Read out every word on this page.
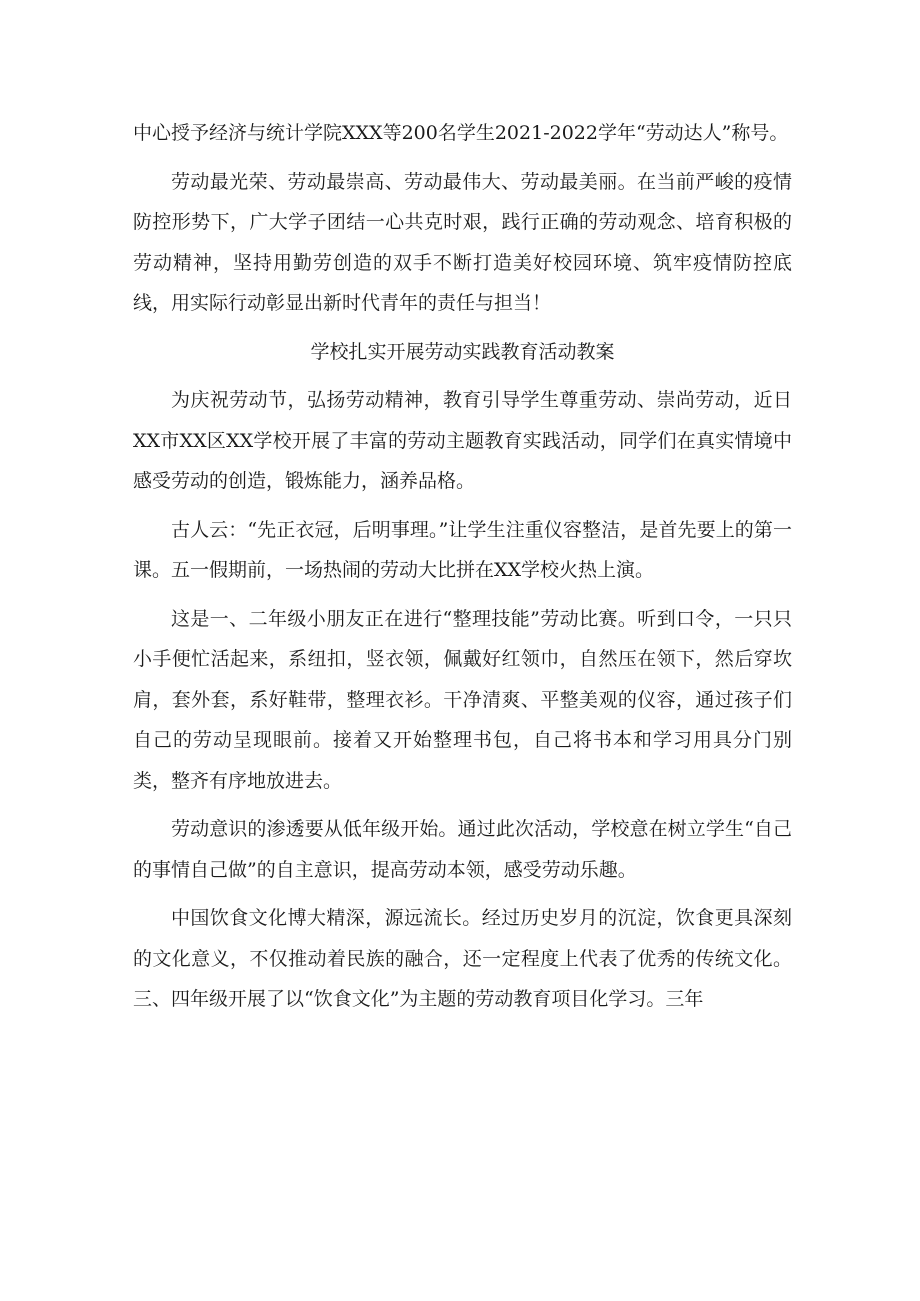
中心授予经济与统计学院XXX等200名学生2021-2022学年“劳动达人”称号。

劳动最光荣、劳动最崇高、劳动最伟大、劳动最美丽。在当前严峻的疫情防控形势下，广大学子团结一心共克时艰，践行正确的劳动观念、培育积极的劳动精神，坚持用勤劳创造的双手不断打造美好校园环境、筑牢疫情防控底线，用实际行动彰显出新时代青年的责任与担当！

学校扎实开展劳动实践教育活动教案

为庆祝劳动节，弘扬劳动精神，教育引导学生尊重劳动、崇尚劳动，近日XX市XX区XX学校开展了丰富的劳动主题教育实践活动，同学们在真实情境中感受劳动的创造，锻炼能力，涵养品格。

古人云：“先正衣冠，后明事理。”让学生注重仪容整洁，是首先要上的第一课。五一假期前，一场热闹的劳动大比拼在XX学校火热上演。

这是一、二年级小朋友正在进行“整理技能”劳动比赛。听到口令，一只只小手便忙活起来，系纽扣，竖衣领，佩戴好红领巾，自然压在领下，然后穿坎肩，套外套，系好鞋带，整理衣衫。干净清爽、平整美观的仪容，通过孩子们自己的劳动呈现眼前。接着又开始整理书包，自己将书本和学习用具分门别类，整齐有序地放进去。

劳动意识的渗透要从低年级开始。通过此次活动，学校意在树立学生“自己的事情自己做”的自主意识，提高劳动本领，感受劳动乐趣。

中国饮食文化博大精深，源远流长。经过历史岁月的沉淀，饮食更具深刻的文化意义，不仅推动着民族的融合，还一定程度上代表了优秀的传统文化。三、四年级开展了以“饮食文化”为主题的劳动教育项目化学习。三年
